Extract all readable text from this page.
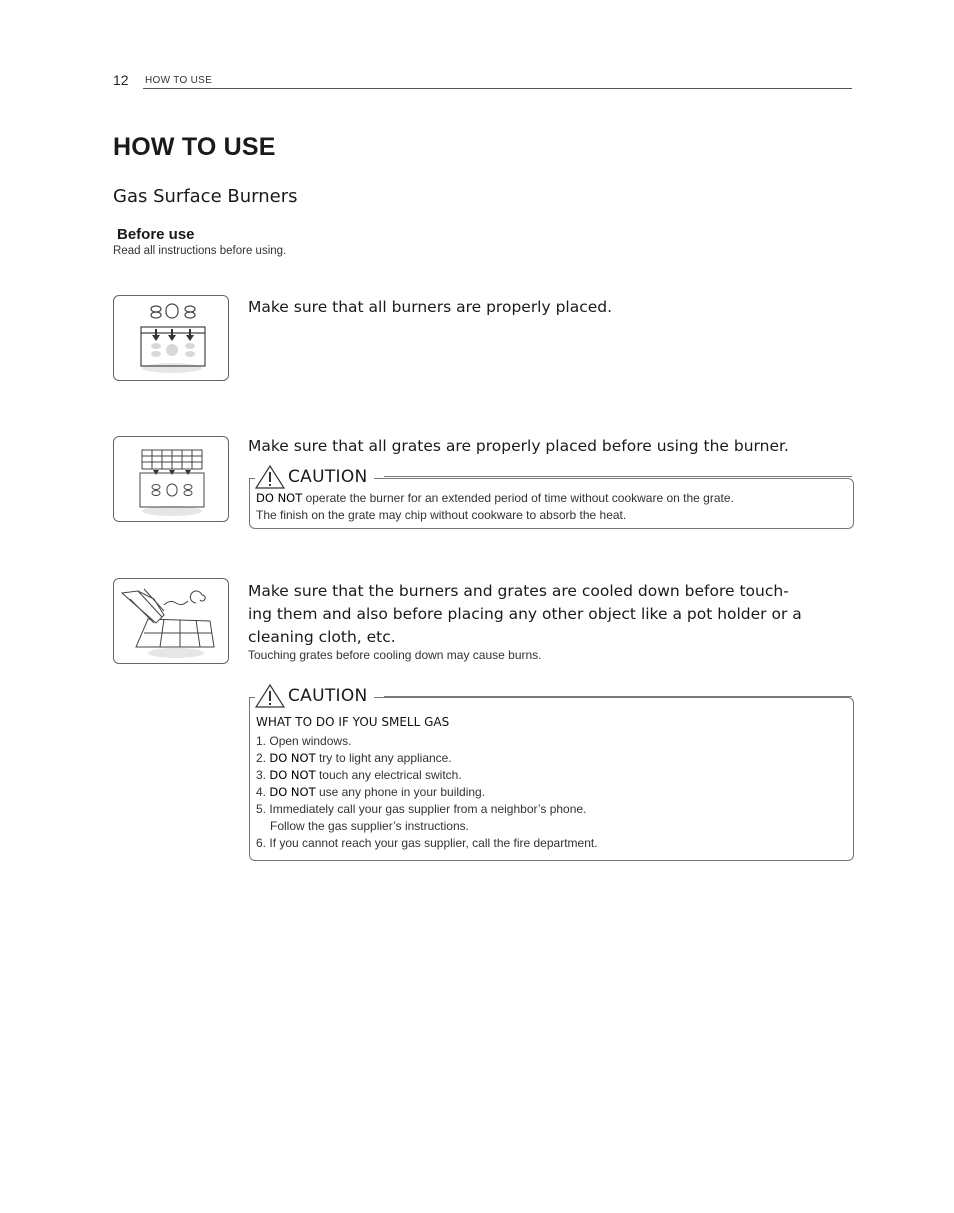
12 HOW TO USE
HOW TO USE
Gas Surface Burners
Before use
Read all instructions before using.
Make sure that all burners are properly placed.
Make sure that all grates are properly placed before using the burner.
CAUTION
DO NOT operate the burner for an extended period of time without cookware on the grate.
The finish on the grate may chip without cookware to absorb the heat.
Make sure that the burners and grates are cooled down before touch-
ing them and also before placing any other object like a pot holder or a
cleaning cloth, etc.
Touching grates before cooling down may cause burns.
CAUTION
WHAT TO DO IF YOU SMELL GAS
1. Open windows.
2. DO NOT try to light any appliance.
3. DO NOT touch any electrical switch.
4. DO NOT use any phone in your building.
5. Immediately call your gas supplier from a neighbor’s phone.
Follow the gas supplier’s instructions.
6. If you cannot reach your gas supplier, call the fire department.
